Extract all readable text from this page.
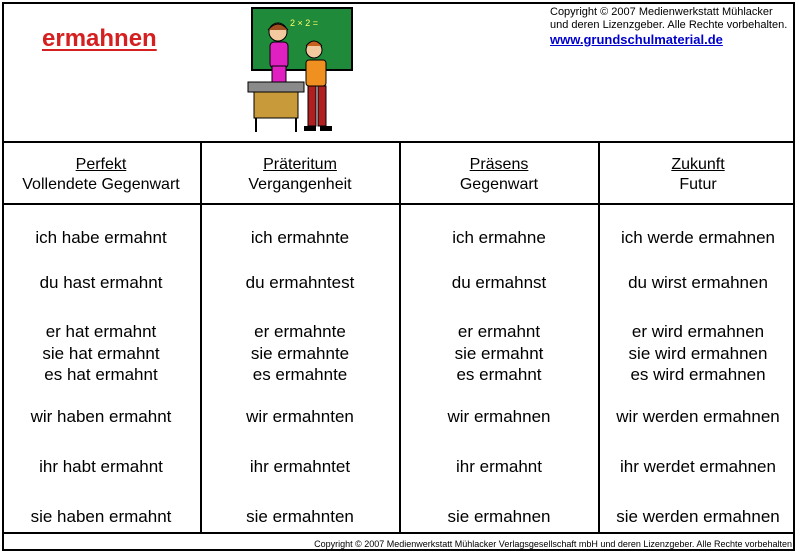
ermahnen
2 × 2 =
Copyright © 2007 Medienwerkstatt Mühlacker
und deren Lizenzgeber. Alle Rechte vorbehalten.
www.grundschulmaterial.de
Perfekt
Vollendete Gegenwart
Präteritum
Vergangenheit
Präsens
Gegenwart
Zukunft
Futur
ich habe ermahnt
du hast ermahnt
er hat ermahnt
sie hat ermahnt
es hat ermahnt
wir haben ermahnt
ihr habt ermahnt
sie haben ermahnt
ich ermahnte
du ermahntest
er ermahnte
sie ermahnte
es ermahnte
wir ermahnten
ihr ermahntet
sie ermahnten
ich ermahne
du ermahnst
er ermahnt
sie ermahnt
es ermahnt
wir ermahnen
ihr ermahnt
sie ermahnen
ich werde ermahnen
du wirst ermahnen
er wird ermahnen
sie wird ermahnen
es wird ermahnen
wir werden ermahnen
ihr werdet ermahnen
sie werden ermahnen
Copyright © 2007 Medienwerkstatt Mühlacker Verlagsgesellschaft mbH und deren Lizenzgeber. Alle Rechte vorbehalten
